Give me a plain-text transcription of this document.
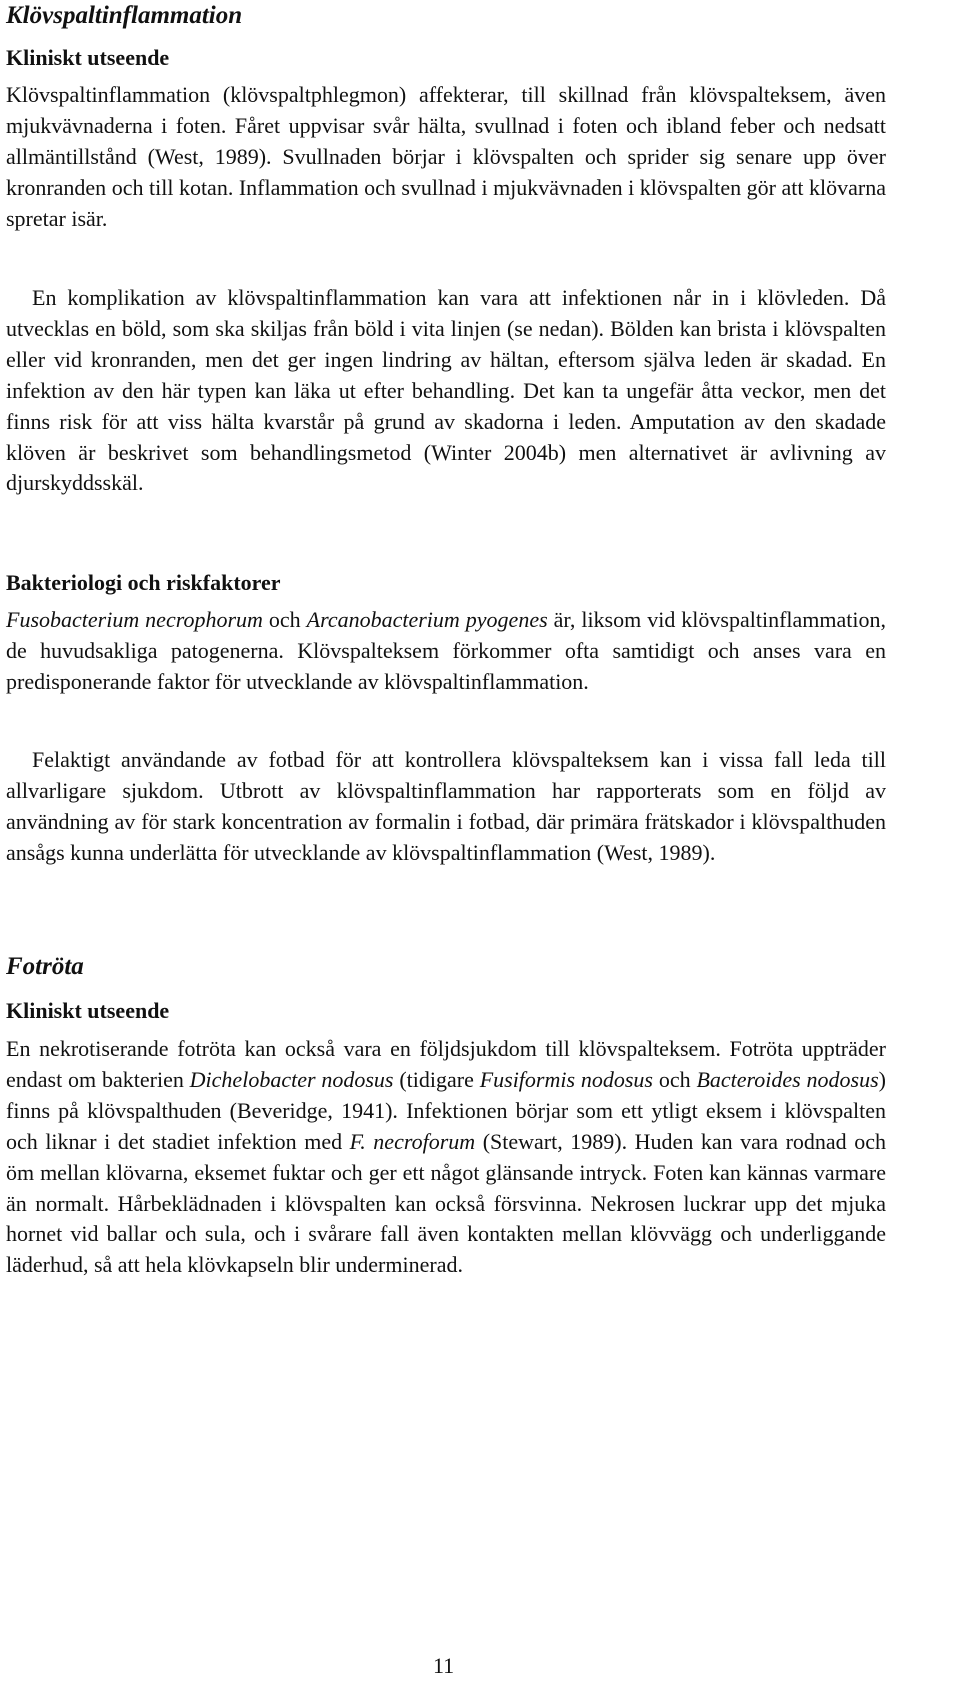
Klövspaltinflammation
Kliniskt utseende

Klövspaltinflammation (klövspaltphlegmon) affekterar, till skillnad från klövspalteksem, även mjukvävnaderna i foten. Fåret uppvisar svår hälta, svullnad i foten och ibland feber och nedsatt allmäntillstånd (West, 1989). Svullnaden börjar i klövspalten och sprider sig senare upp över kronranden och till kotan. Inflammation och svullnad i mjukvävnaden i klövspalten gör att klövarna spretar isär.

En komplikation av klövspaltinflammation kan vara att infektionen når in i klövleden. Då utvecklas en böld, som ska skiljas från böld i vita linjen (se nedan). Bölden kan brista i klövspalten eller vid kronranden, men det ger ingen lindring av hältan, eftersom själva leden är skadad. En infektion av den här typen kan läka ut efter behandling. Det kan ta ungefär åtta veckor, men det finns risk för att viss hälta kvarstår på grund av skadorna i leden. Amputation av den skadade klöven är beskrivet som behandlingsmetod (Winter 2004b) men alternativet är avlivning av djurskyddsskäl.

Bakteriologi och riskfaktorer

Fusobacterium necrophorum och Arcanobacterium pyogenes är, liksom vid klövspaltinflammation, de huvudsakliga patogenerna. Klövspalteksem förkommer ofta samtidigt och anses vara en predisponerande faktor för utvecklande av klövspaltinflammation.

Felaktigt användande av fotbad för att kontrollera klövspalteksem kan i vissa fall leda till allvarligare sjukdom. Utbrott av klövspaltinflammation har rapporterats som en följd av användning av för stark koncentration av formalin i fotbad, där primära frätskador i klövspalthuden ansågs kunna underlätta för utvecklande av klövspaltinflammation (West, 1989).

Fotröta
Kliniskt utseende

En nekrotiserande fotröta kan också vara en följdsjukdom till klövspalteksem. Fotröta uppträder endast om bakterien Dichelobacter nodosus (tidigare Fusiformis nodosus och Bacteroides nodosus) finns på klövspalthuden (Beveridge, 1941). Infektionen börjar som ett ytligt eksem i klövspalten och liknar i det stadiet infektion med F. necroforum (Stewart, 1989). Huden kan vara rodnad och öm mellan klövarna, eksemet fuktar och ger ett något glänsande intryck. Foten kan kännas varmare än normalt. Hårbeklädnaden i klövspalten kan också försvinna. Nekrosen luckrar upp det mjuka hornet vid ballar och sula, och i svårare fall även kontakten mellan klövvägg och underliggande läderhud, så att hela klövkapseln blir underminerad.

11
